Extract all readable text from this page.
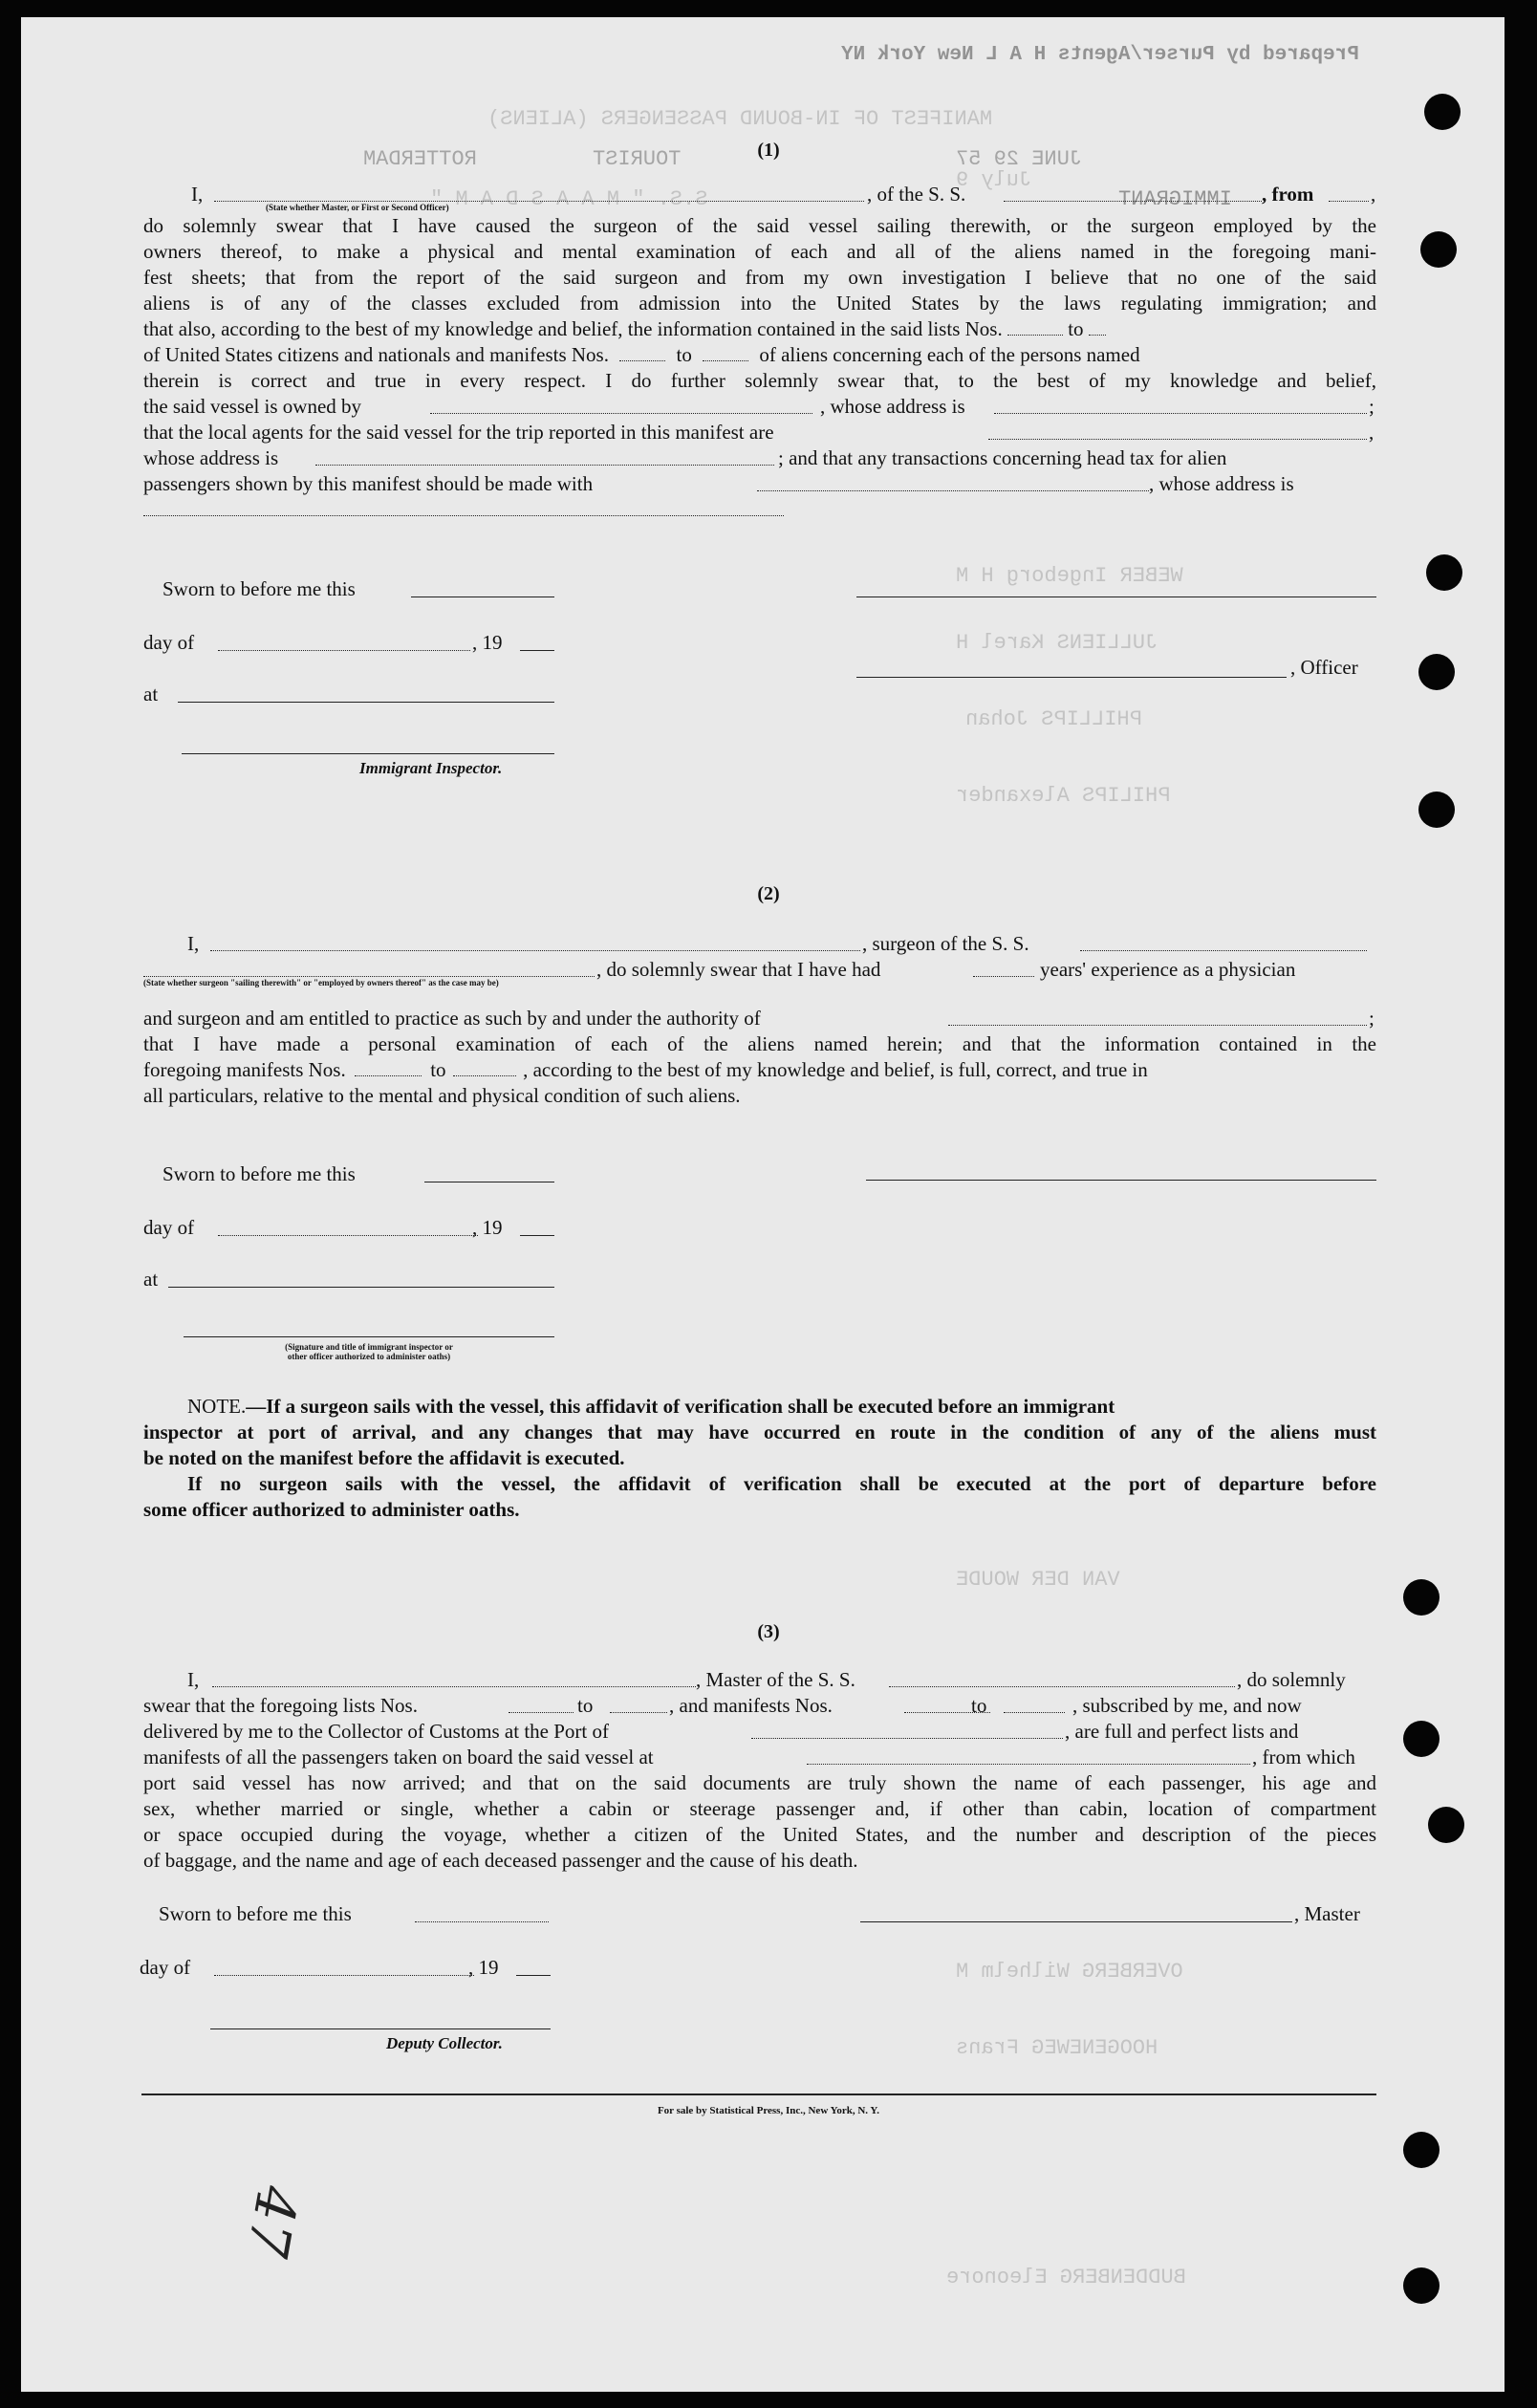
Prepared by Purser/Agents H A L New York NY
MANIFEST OF IN-BOUND PASSENGERS (ALIENS)
TOURIST
ROTTERDAM	JUNE 29 57
July 9
S.S. " M A A S D A M "	IMMIGRANT
WEBER Ingeborg H M
JULLIENS Karel H
PHILLIPS Johan
PHILIPS Alexander
VAN DER WOUDE
OVERBERG Wilhelm M
HOOGENEWEG Frans
BUDDENBERG Eleonore
(1)
I,	, of the S. S.	, from	,
(State whether Master, or First or Second Officer)

do solemnly swear that I have caused the surgeon of the said vessel sailing therewith, or the surgeon employed by the

owners thereof, to make a physical and mental examination of each and all of the aliens named in the foregoing mani-

fest sheets; that from the report of the said surgeon and from my own investigation I believe that no one of the said

aliens is of any of the classes excluded from admission into the United States by the laws regulating immigration; and

that also, according to the best of my knowledge and belief, the information contained in the said lists Nos.	to
of United States citizens and nationals and manifests Nos.	to	of aliens concerning each of the persons named

therein is correct and true in every respect. I do further solemnly swear that, to the best of my knowledge and belief,

the said vessel is owned by	, whose address is	;
that the local agents for the said vessel for the trip reported in this manifest are	,
whose address is	; and that any transactions concerning head tax for alien
passengers shown by this manifest should be made with	, whose address is
Sworn to before me this
day of	, 19
, Officer
at
Immigrant Inspector.
(2)
I,	, surgeon of the S. S.
, do solemnly swear that I have had	years' experience as a physician
(State whether surgeon "sailing therewith" or "employed by owners thereof" as the case may be)
and surgeon and am entitled to practice as such by and under the authority of	;

that I have made a personal examination of each of the aliens named herein; and that the information contained in the

foregoing manifests Nos.	to	, according to the best of my knowledge and belief, is full, correct, and true in
all particulars, relative to the mental and physical condition of such aliens.
Sworn to before me this
day of	, 19
at
(Signature and title of immigrant inspector or
other officer authorized to administer oaths)
NOTE.—If a surgeon sails with the vessel, this affidavit of verification shall be executed before an immigrant

inspector at port of arrival, and any changes that may have occurred en route in the condition of any of the aliens must

be noted on the manifest before the affidavit is executed.

If no surgeon sails with the vessel, the affidavit of verification shall be executed at the port of departure before

some officer authorized to administer oaths.

(3)
I,	, Master of the S. S.	, do solemnly
swear that the foregoing lists Nos.	to	, and manifests Nos.	to	, subscribed by me, and now
delivered by me to the Collector of Customs at the Port of	, are full and perfect lists and
manifests of all the passengers taken on board the said vessel at	, from which

port said vessel has now arrived; and that on the said documents are truly shown the name of each passenger, his age and

sex, whether married or single, whether a cabin or steerage passenger and, if other than cabin, location of compartment

or space occupied during the voyage, whether a citizen of the United States, and the number and description of the pieces

of baggage, and the name and age of each deceased passenger and the cause of his death.

Sworn to before me this	, Master
day of	, 19
Deputy Collector.
For sale by Statistical Press, Inc., New York, N. Y.
47
